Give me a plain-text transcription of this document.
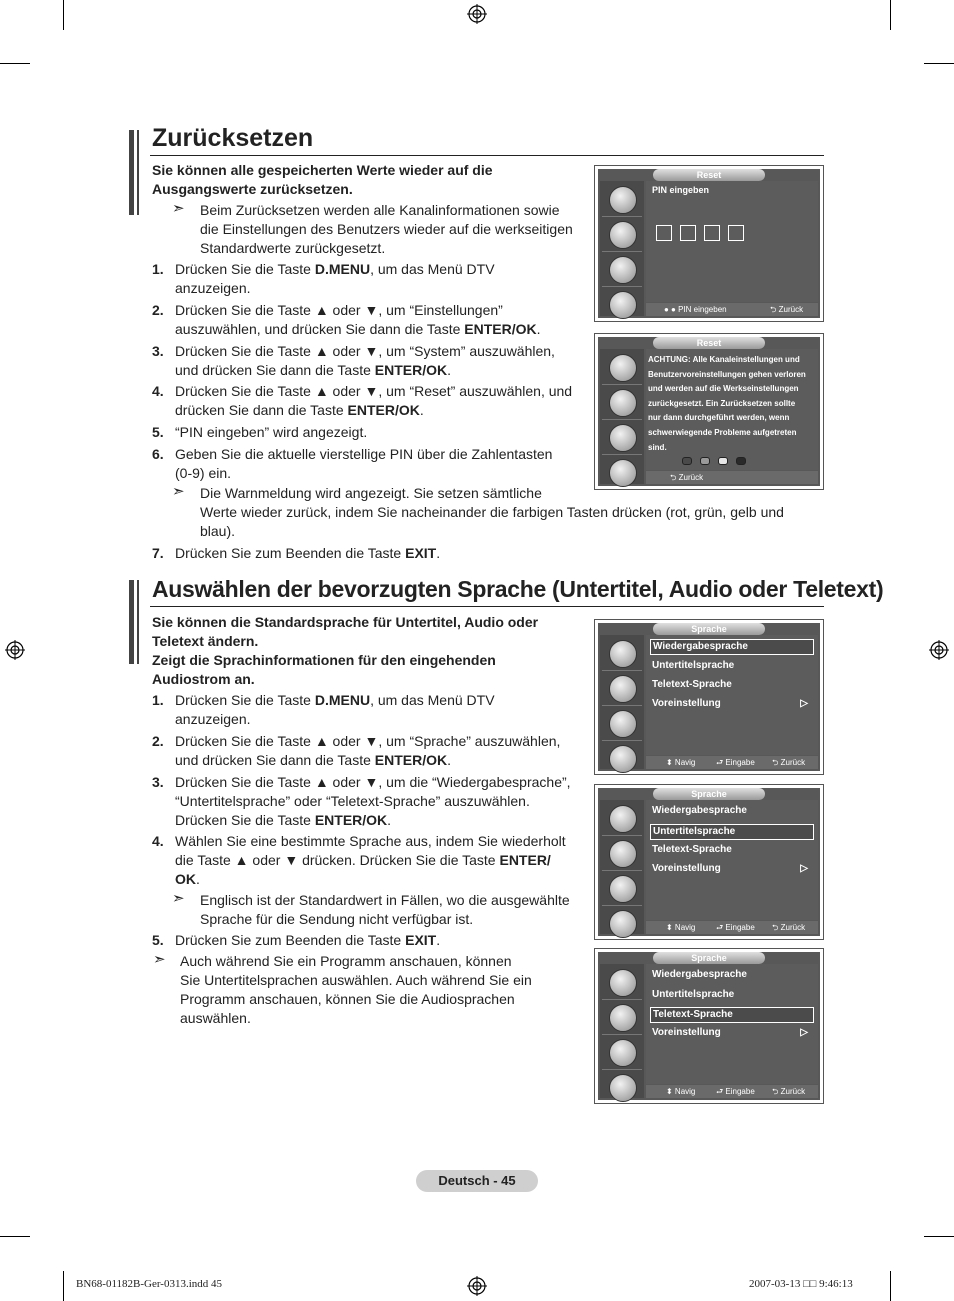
Zurücksetzen
Sie können alle gespeicherten Werte wieder auf die
Ausgangswerte zurücksetzen.
➣ Beim Zurücksetzen werden alle Kanalinformationen sowie
die Einstellungen des Benutzers wieder auf die werkseitigen
Standardwerte zurückgesetzt.
1. Drücken Sie die Taste D.MENU, um das Menü DTV
anzuzeigen.
2. Drücken Sie die Taste ▲ oder ▼, um “Einstellungen”
auszuwählen, und drücken Sie dann die Taste ENTER/OK.
3. Drücken Sie die Taste ▲ oder ▼, um “System” auszuwählen,
und drücken Sie dann die Taste ENTER/OK.
4. Drücken Sie die Taste ▲ oder ▼, um “Reset” auszuwählen, und
drücken Sie dann die Taste ENTER/OK.
5. “PIN eingeben” wird angezeigt.
6. Geben Sie die aktuelle vierstellige PIN über die Zahlentasten
(0-9) ein.
➣ Die Warnmeldung wird angezeigt. Sie setzen sämtliche
Werte wieder zurück, indem Sie nacheinander die farbigen Tasten drücken (rot, grün, gelb und
blau).
7. Drücken Sie zum Beenden die Taste EXIT.
Reset
PIN eingeben
● ● PIN eingeben	⮌ Zurück
Reset
ACHTUNG: Alle Kanaleinstellungen und
Benutzervoreinstellungen gehen verloren
und werden auf die Werkseinstellungen
zurückgesetzt. Ein Zurücksetzen sollte
nur dann durchgeführt werden, wenn
schwerwiegende Probleme aufgetreten
sind.
⮌ Zurück
Auswählen der bevorzugten Sprache (Untertitel, Audio oder Teletext)
Sie können die Standardsprache für Untertitel, Audio oder
Teletext ändern.
Zeigt die Sprachinformationen für den eingehenden
Audiostrom an.
1. Drücken Sie die Taste D.MENU, um das Menü DTV
anzuzeigen.
2. Drücken Sie die Taste ▲ oder ▼, um “Sprache” auszuwählen,
und drücken Sie dann die Taste ENTER/OK.
3. Drücken Sie die Taste ▲ oder ▼, um die “Wiedergabesprache”,
“Untertitelsprache” oder “Teletext-Sprache” auszuwählen.
Drücken Sie die Taste ENTER/OK.
4. Wählen Sie eine bestimmte Sprache aus, indem Sie wiederholt
die Taste ▲ oder ▼ drücken. Drücken Sie die Taste ENTER/
OK.
➣ Englisch ist der Standardwert in Fällen, wo die ausgewählte
Sprache für die Sendung nicht verfügbar ist.
5. Drücken Sie zum Beenden die Taste EXIT.
➣ Auch während Sie ein Programm anschauen, können
Sie Untertitelsprachen auswählen. Auch während Sie ein
Programm anschauen, können Sie die Audiosprachen
auswählen.
Sprache
Wiedergabesprache
Untertitelsprache
Teletext-Sprache
Voreinstellung	▷
⬍ Navig	⮐ Eingabe ⮌ Zurück
Sprache
Wiedergabesprache
Untertitelsprache
Teletext-Sprache
Voreinstellung	▷
⬍ Navig	⮐ Eingabe ⮌ Zurück
Sprache
Wiedergabesprache
Untertitelsprache
Teletext-Sprache
Voreinstellung	▷
⬍ Navig	⮐ Eingabe ⮌ Zurück
Deutsch - 45
BN68-01182B-Ger-0313.indd 45	2007-03-13 □□ 9:46:13
